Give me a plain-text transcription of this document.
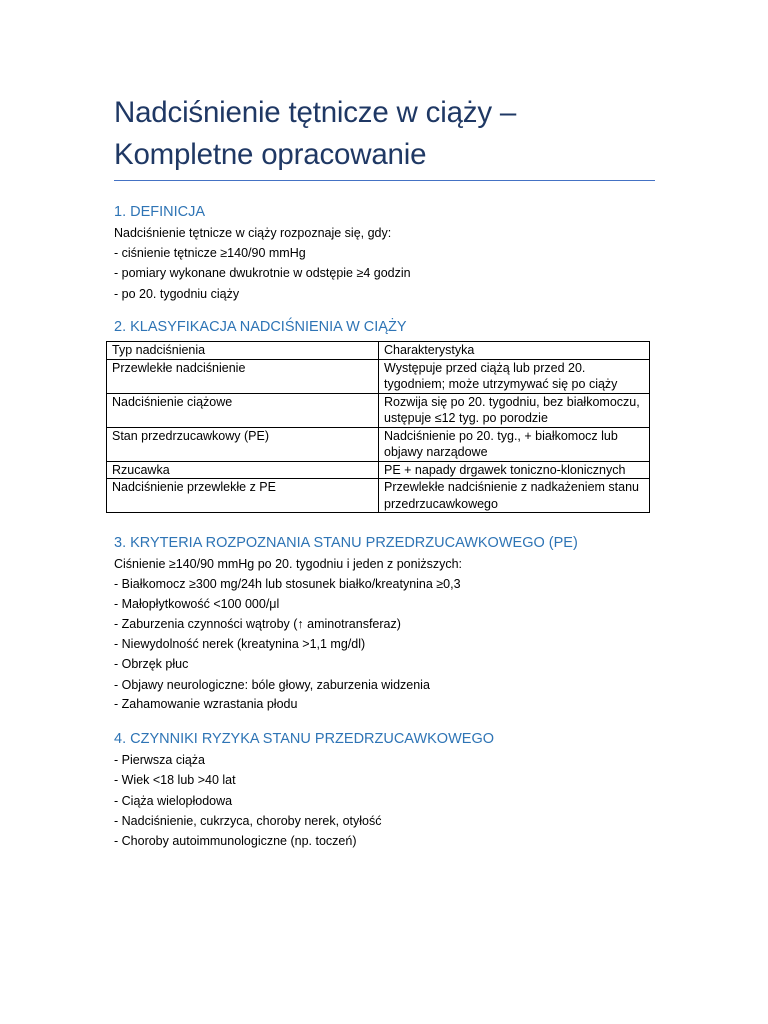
Nadciśnienie tętnicze w ciąży –
Kompletne opracowanie
1. DEFINICJA
Nadciśnienie tętnicze w ciąży rozpoznaje się, gdy:
- ciśnienie tętnicze ≥140/90 mmHg
- pomiary wykonane dwukrotnie w odstępie ≥4 godzin
- po 20. tygodniu ciąży
2. KLASYFIKACJA NADCIŚNIENIA W CIĄŻY
Typ nadciśnienia	Charakterystyka
Przewlekłe nadciśnienie	Występuje przed ciążą lub przed 20. tygodniem; może utrzymywać się po ciąży
Nadciśnienie ciążowe	Rozwija się po 20. tygodniu, bez białkomoczu, ustępuje ≤12 tyg. po porodzie
Stan przedrzucawkowy (PE)	Nadciśnienie po 20. tyg., + białkomocz lub objawy narządowe
Rzucawka	PE + napady drgawek toniczno-klonicznych
Nadciśnienie przewlekłe z PE	Przewlekłe nadciśnienie z nadkażeniem stanu przedrzucawkowego
3. KRYTERIA ROZPOZNANIA STANU PRZEDRZUCAWKOWEGO (PE)
Ciśnienie ≥140/90 mmHg po 20. tygodniu i jeden z poniższych:
- Białkomocz ≥300 mg/24h lub stosunek białko/kreatynina ≥0,3
- Małopłytkowość <100 000/μl
- Zaburzenia czynności wątroby (↑ aminotransferaz)
- Niewydolność nerek (kreatynina >1,1 mg/dl)
- Obrzęk płuc
- Objawy neurologiczne: bóle głowy, zaburzenia widzenia
- Zahamowanie wzrastania płodu
4. CZYNNIKI RYZYKA STANU PRZEDRZUCAWKOWEGO
- Pierwsza ciąża
- Wiek <18 lub >40 lat
- Ciąża wielopłodowa
- Nadciśnienie, cukrzyca, choroby nerek, otyłość
- Choroby autoimmunologiczne (np. toczeń)
